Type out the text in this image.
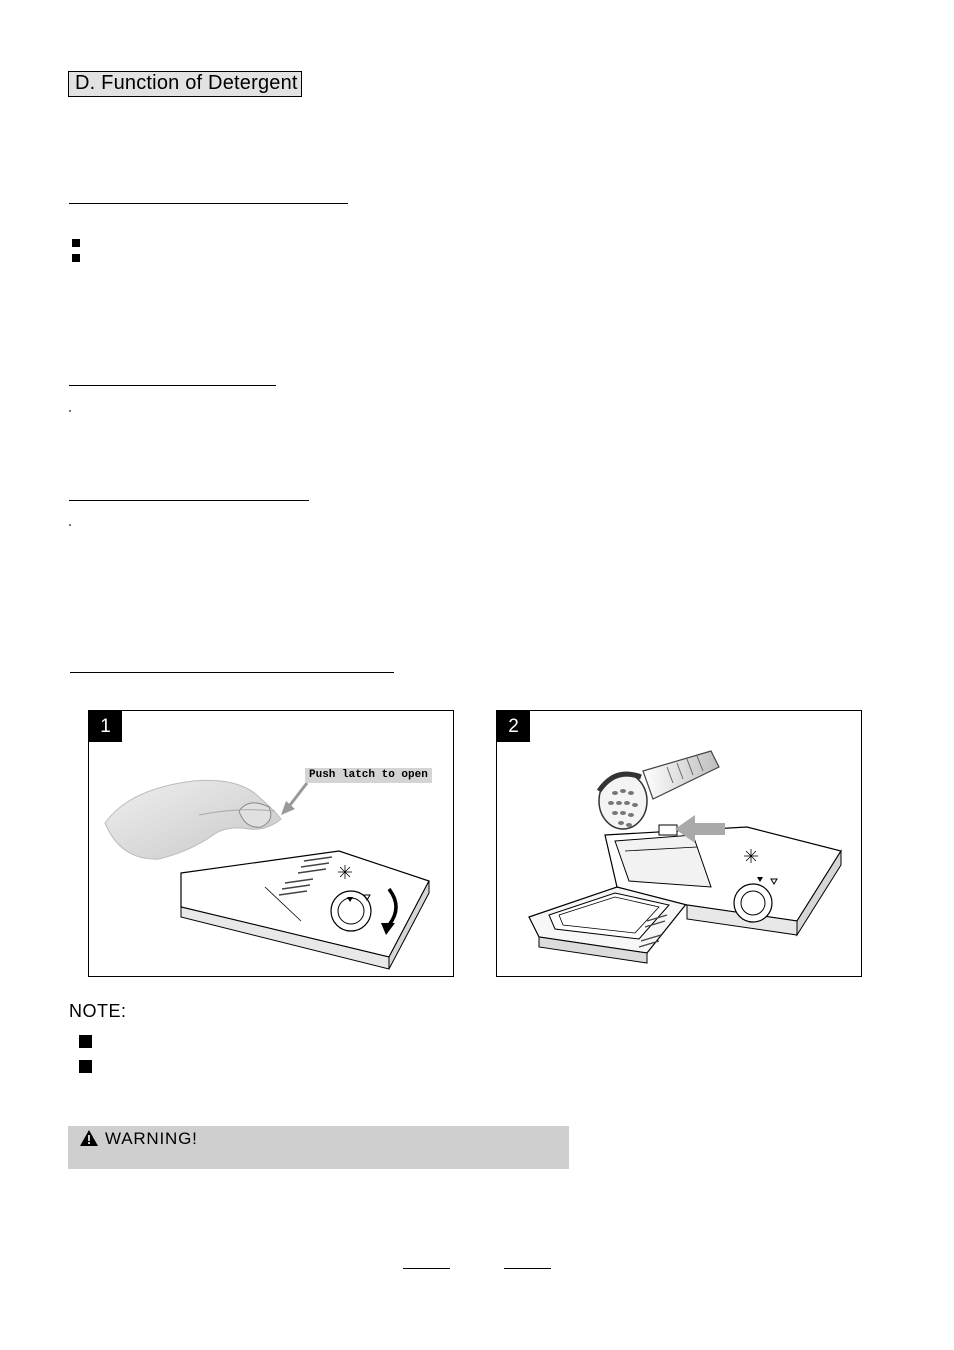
D. Function of Detergent
1
Push latch to open
2
NOTE:
WARNING!
